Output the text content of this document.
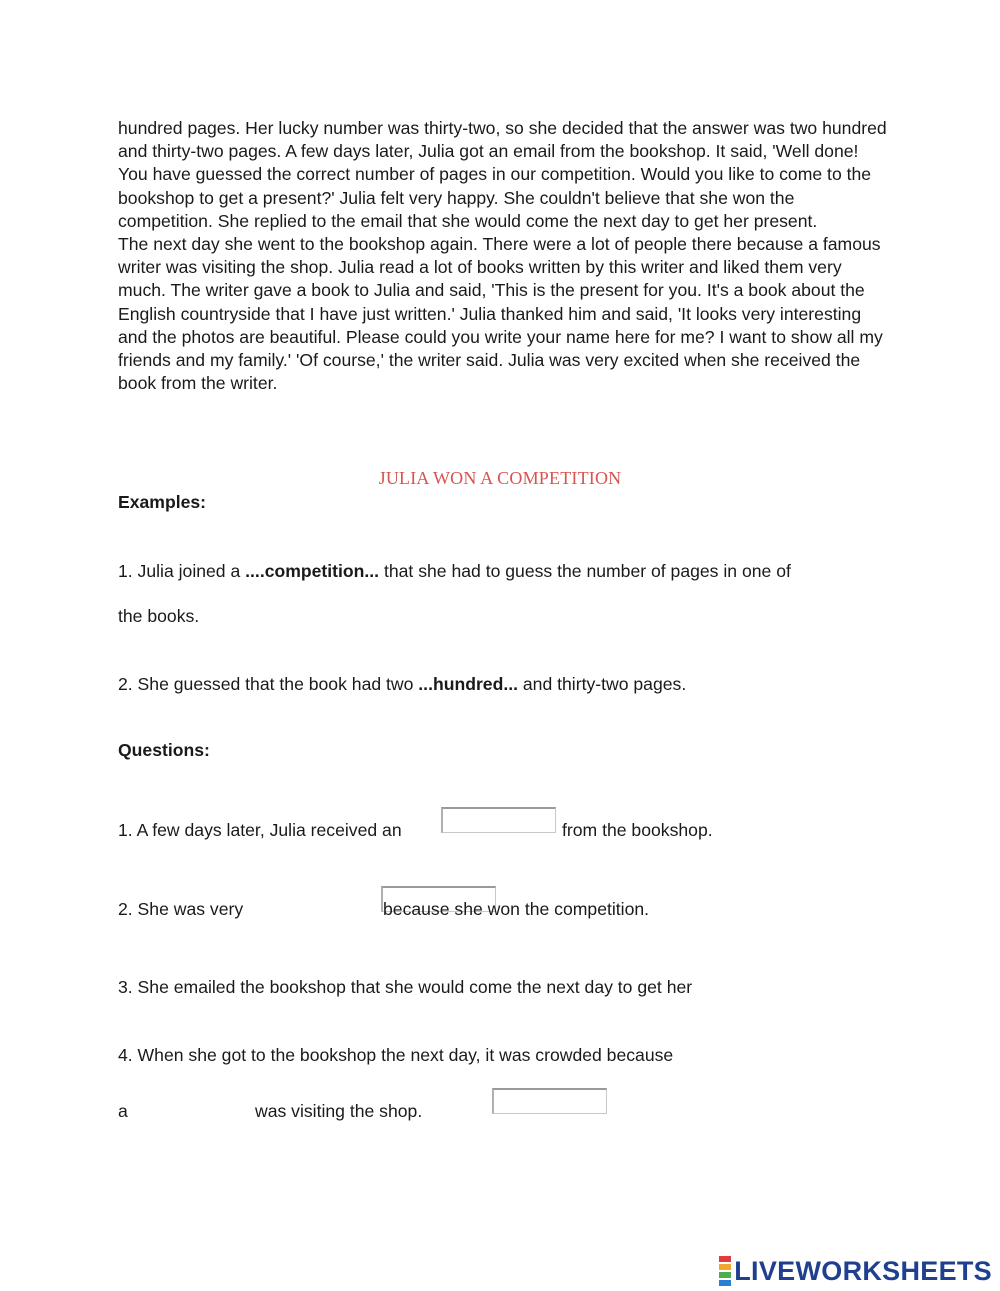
hundred pages. Her lucky number was thirty-two, so she decided that the answer was two hundred and thirty-two pages. A few days later, Julia got an email from the bookshop. It said, 'Well done! You have guessed the correct number of pages in our competition. Would you like to come to the bookshop to get a present?' Julia felt very happy. She couldn't believe that she won the competition. She replied to the email that she would come the next day to get her present.

The next day she went to the bookshop again. There were a lot of people there because a famous writer was visiting the shop. Julia read a lot of books written by this writer and liked them very much. The writer gave a book to Julia and said, 'This is the present for you. It's a book about the English countryside that I have just written.' Julia thanked him and said, 'It looks very interesting and the photos are beautiful. Please could you write your name here for me? I want to show all my friends and my family.' 'Of course,' the writer said. Julia was very excited when she received the book from the writer.

JULIA WON A COMPETITION
Examples:
1. Julia joined a ....competition... that she had to guess the number of pages in one of
the books.
2. She guessed that the book had two ...hundred... and thirty-two pages.
Questions:
1. A few days later, Julia received an
	from the bookshop.
2. She was very
	because she won the competition.
3. She emailed the bookshop that she would come the next day to get her

4. When she got to the bookshop the next day, it was crowded because
a	was visiting the shop.
LIVEWORKSHEETS
